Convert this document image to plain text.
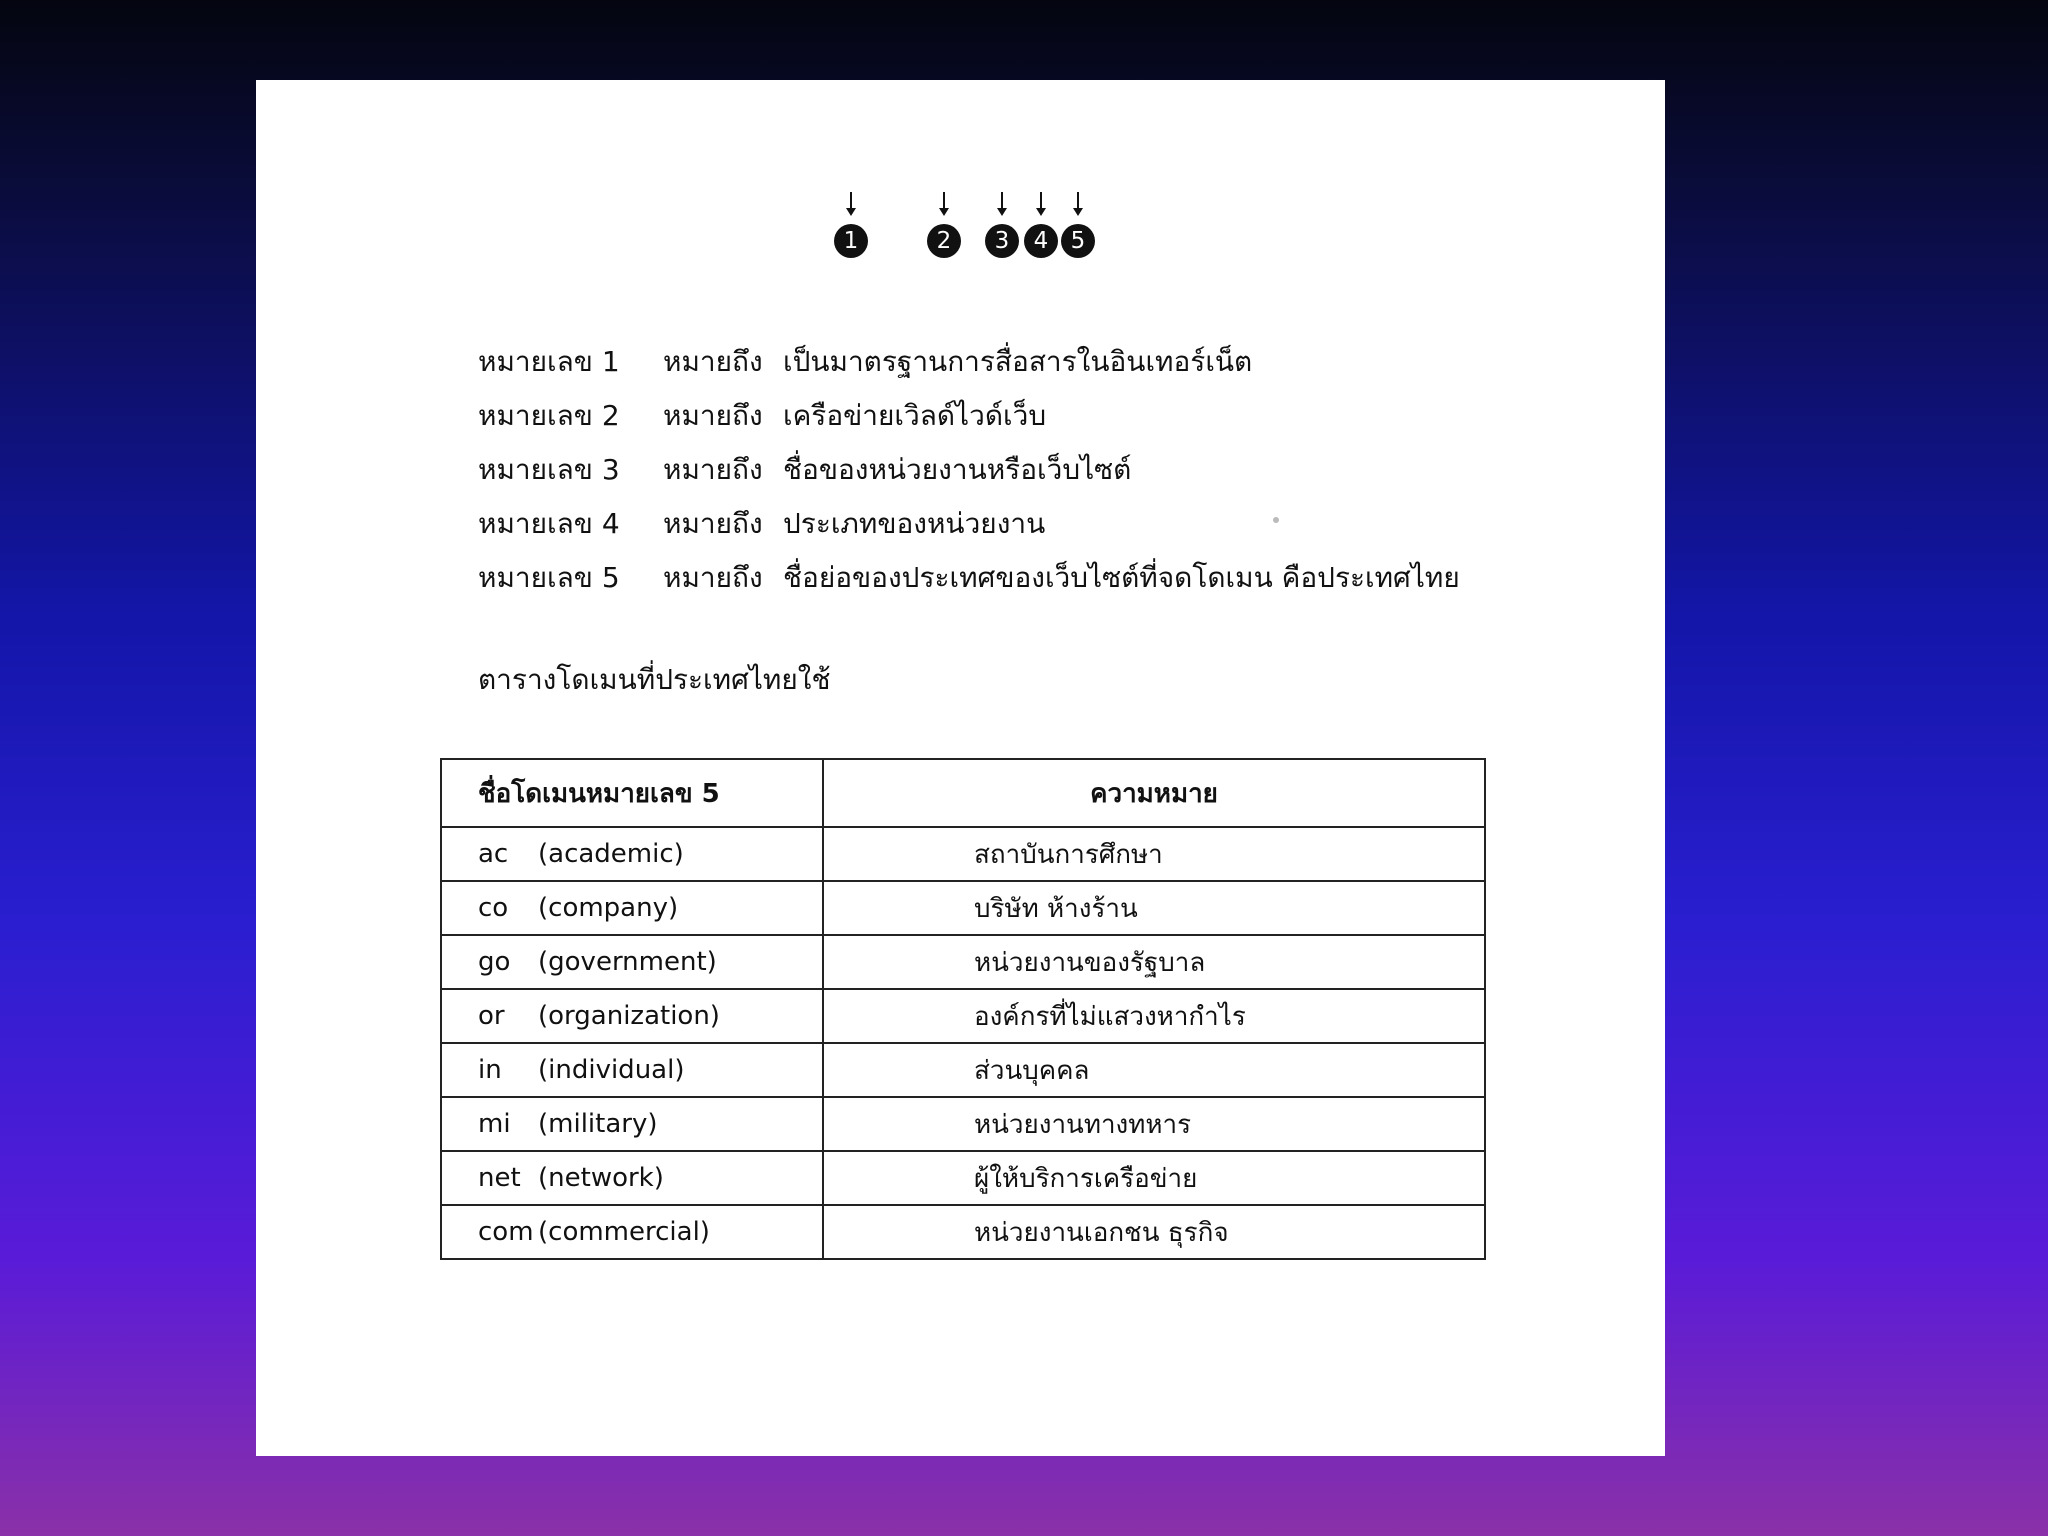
1	2	3	4 5
หมายเลข 1 หมายถึง เป็นมาตรฐานการสื่อสารในอินเทอร์เน็ต
หมายเลข 2 หมายถึง เครือข่ายเวิลด์ไวด์เว็บ
หมายเลข 3 หมายถึง ชื่อของหน่วยงานหรือเว็บไซต์
หมายเลข 4 หมายถึง ประเภทของหน่วยงาน
หมายเลข 5 หมายถึง ชื่อย่อของประเทศของเว็บไซต์ที่จดโดเมน คือประเทศไทย
ตารางโดเมนที่ประเทศไทยใช้
ชื่อโดเมนหมายเลข 5	ความหมาย
ac (academic)	สถาบันการศึกษา
co (company)	บริษัท ห้างร้าน
go (government)	หน่วยงานของรัฐบาล
or (organization)	องค์กรที่ไม่แสวงหากำไร
in (individual)	ส่วนบุคคล
mi (military)	หน่วยงานทางทหาร
net (network)	ผู้ให้บริการเครือข่าย
com (commercial)	หน่วยงานเอกชน ธุรกิจ
